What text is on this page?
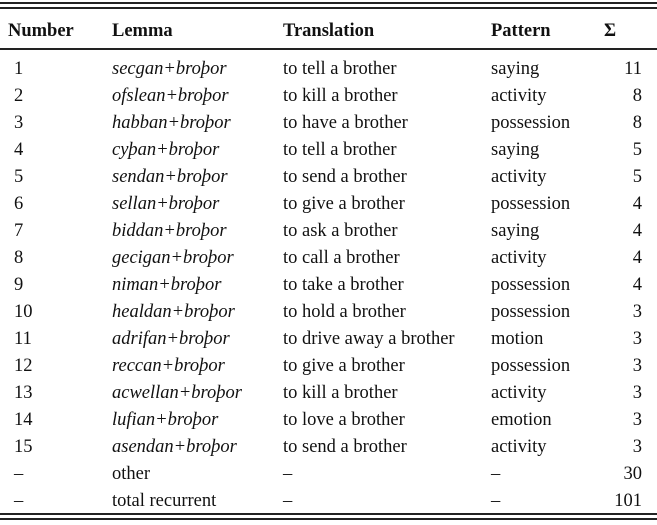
Number	Lemma	Translation	Pattern	Σ

1	secgan+broþor	to tell a brother	saying	11
2	ofslean+broþor	to kill a brother	activity	8
3	habban+broþor	to have a brother	possession	8
4	cyþan+broþor	to tell a brother	saying	5
5	sendan+broþor	to send a brother	activity	5
6	sellan+broþor	to give a brother	possession	4
7	biddan+broþor	to ask a brother	saying	4
8	gecigan+broþor	to call a brother	activity	4
9	niman+broþor	to take a brother	possession	4
10	healdan+broþor	to hold a brother	possession	3
11	adrifan+broþor	to drive away a brother	motion	3
12	reccan+broþor	to give a brother	possession	3
13	acwellan+broþor	to kill a brother	activity	3
14	lufian+broþor	to love a brother	emotion	3
15	asendan+broþor	to send a brother	activity	3
–	other	–	–	30
–	total recurrent	–	–	101
